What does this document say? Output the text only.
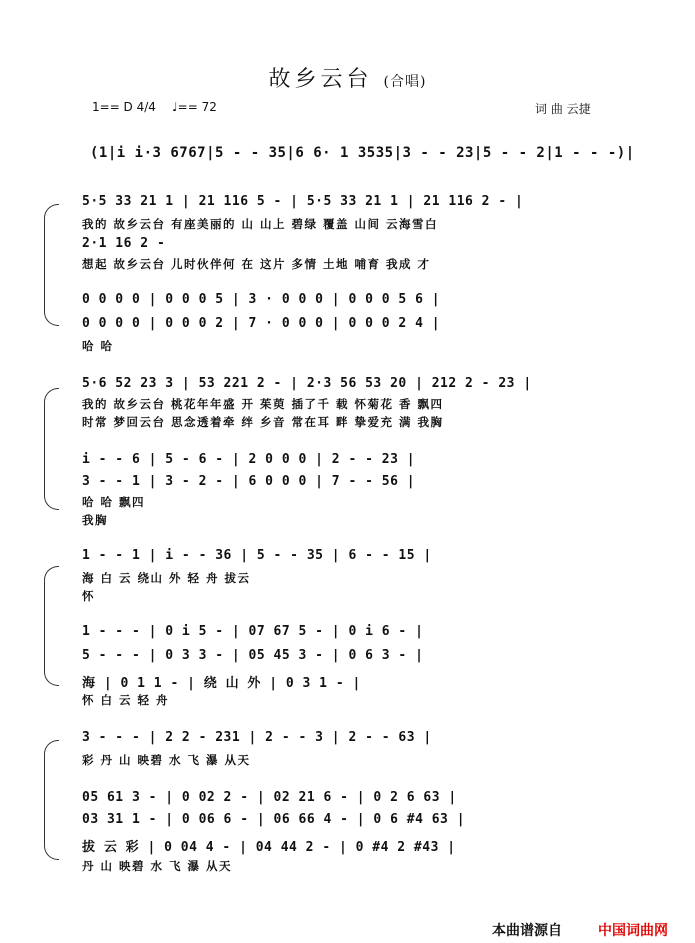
故乡云台 (合唱)
1== D 4/4 ♩== 72	词 曲 云捷
(1|i i·3 6767|5 - - 35|6 6· 1 3535|3 - - 23|5 - - 2|1 - - -)|
5·5 33 21 1 | 21 116 5 - | 5·5 33 21 1 | 21 116 2 - |
我的 故乡云台 有座美丽的 山 山上 碧绿 覆盖 山间 云海雪白
2·1 16 2 -
想起 故乡云台 儿时伙伴何 在 这片 多情 土地 哺育 我成 才
0 0 0 0 | 0 0 0 5 | 3 · 0 0 0 | 0 0 0 5 6 |
0 0 0 0 | 0 0 0 2 | 7 · 0 0 0 | 0 0 0 2 4 |
哈 哈
5·6 52 23 3 | 53 221 2 - | 2·3 56 53 20 | 212 2 - 23 |
我的 故乡云台 桃花年年盛 开 茱萸 插了千 载 怀菊花 香 飘四
时常 梦回云台 思念透着牵 绊 乡音 常在耳 畔 挚爱充 满 我胸
i - - 6 | 5 - 6 - | 2 0 0 0 | 2 - - 23 |
3 - - 1 | 3 - 2 - | 6 0 0 0 | 7 - - 56 |
哈 哈 飘四
我胸
1 - - 1 | i - - 36 | 5 - - 35 | 6 - - 15 |
海 白 云 绕山 外 轻 舟 拔云
怀
1 - - - | 0 i 5 - | 07 67 5 - | 0 i 6 - |
5 - - - | 0 3 3 - | 05 45 3 - | 0 6 3 - |
海 | 0 1 1 - | 绕 山 外 | 0 3 1 - |
怀 白 云 轻 舟
3 - - - | 2 2 - 231 | 2 - - 3 | 2 - - 63 |
彩 丹 山 映碧 水 飞 瀑 从天
05 61 3 - | 0 02 2 - | 02 21 6 - | 0 2 6 63 |
03 31 1 - | 0 06 6 - | 06 66 4 - | 0 6 #4 63 |
拔 云 彩 | 0 04 4 - | 04 44 2 - | 0 #4 2 #43 |
丹 山 映碧 水 飞 瀑 从天
本曲谱源自	中国词曲网
